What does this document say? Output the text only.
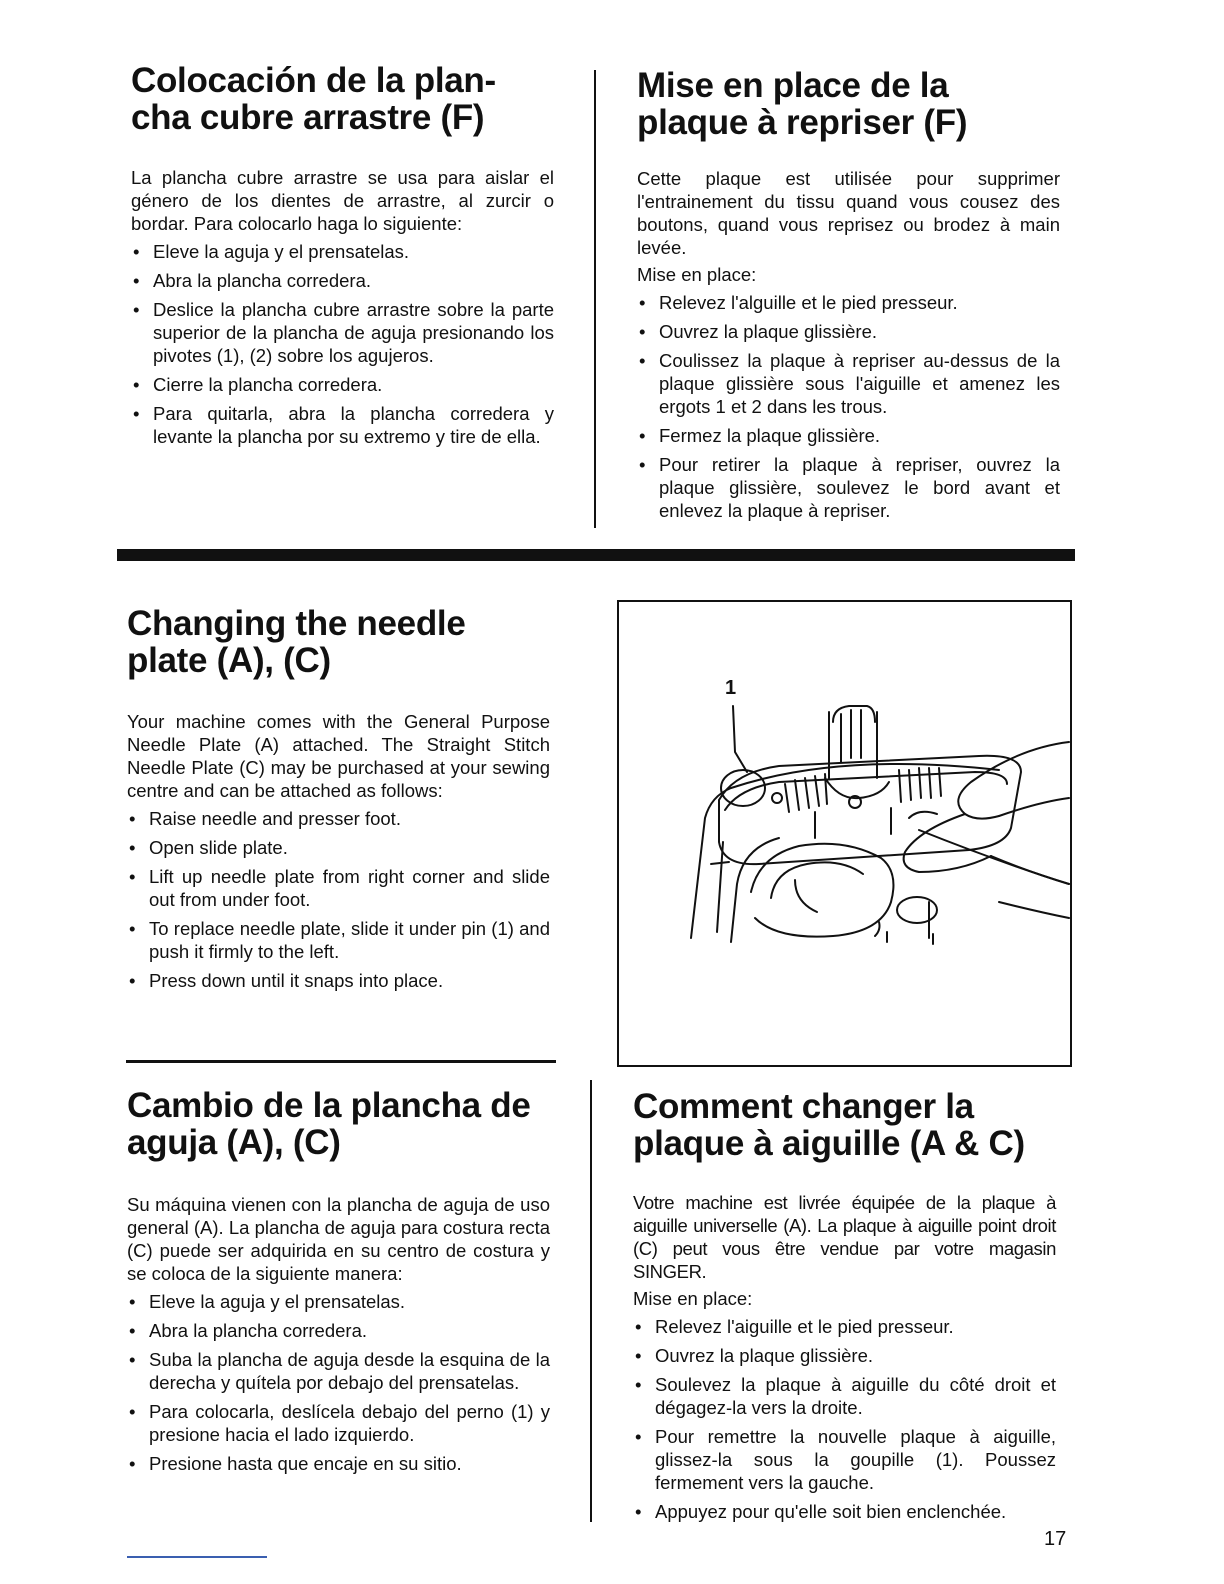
Colocación de la plan-
cha cubre arrastre (F)

La plancha cubre arrastre se usa para aislar el género de los dientes de arrastre, al zurcir o bordar. Para colocarlo haga lo siguiente:

• Eleve la aguja y el prensatelas.
• Abra la plancha corredera.
• Deslice la plancha cubre arrastre sobre la parte superior de la plancha de aguja presionando los pivotes (1), (2) sobre los agujeros.
• Cierre la plancha corredera.
• Para quitarla, abra la plancha corredera y levante la plancha por su extremo y tire de ella.
Mise en place de la
plaque à repriser (F)

Cette plaque est utilisée pour supprimer l'entrainement du tissu quand vous cousez des boutons, quand vous reprisez ou brodez à main levée.

Mise en place:

• Relevez l'alguille et le pied presseur.
• Ouvrez la plaque glissière.
• Coulissez la plaque à repriser au-dessus de la plaque glissière sous l'aiguille et amenez les ergots 1 et 2 dans les trous.
• Fermez la plaque glissière.
• Pour retirer la plaque à repriser, ouvrez la plaque glissière, soulevez le bord avant et enlevez la plaque à repriser.
Changing the needle
plate (A), (C)

Your machine comes with the General Purpose Needle Plate (A) attached. The Straight Stitch Needle Plate (C) may be purchased at your sewing centre and can be attached as follows:

• Raise needle and presser foot.
• Open slide plate.
• Lift up needle plate from right corner and slide out from under foot.
• To replace needle plate, slide it under pin (1) and push it firmly to the left.
• Press down until it snaps into place.
1
Cambio de la plancha de
aguja (A), (C)

Su máquina vienen con la plancha de aguja de uso general (A). La plancha de aguja para costura recta (C) puede ser adquirida en su centro de costura y se coloca de la siguiente manera:

• Eleve la aguja y el prensatelas.
• Abra la plancha corredera.
• Suba la plancha de aguja desde la esquina de la derecha y quítela por debajo del prensatelas.
• Para colocarla, deslícela debajo del perno (1) y presione hacia el lado izquierdo.
• Presione hasta que encaje en su sitio.
Comment changer la
plaque à aiguille (A & C)

Votre machine est livrée équipée de la plaque à aiguille universelle (A). La plaque à aiguille point droit (C) peut vous être vendue par votre magasin SINGER.

Mise en place:

• Relevez l'aiguille et le pied presseur.
• Ouvrez la plaque glissière.
• Soulevez la plaque à aiguille du côté droit et dégagez-la vers la droite.
• Pour remettre la nouvelle plaque à aiguille, glissez-la sous la goupille (1). Poussez fermement vers la gauche.
• Appuyez pour qu'elle soit bien enclenchée.
17
